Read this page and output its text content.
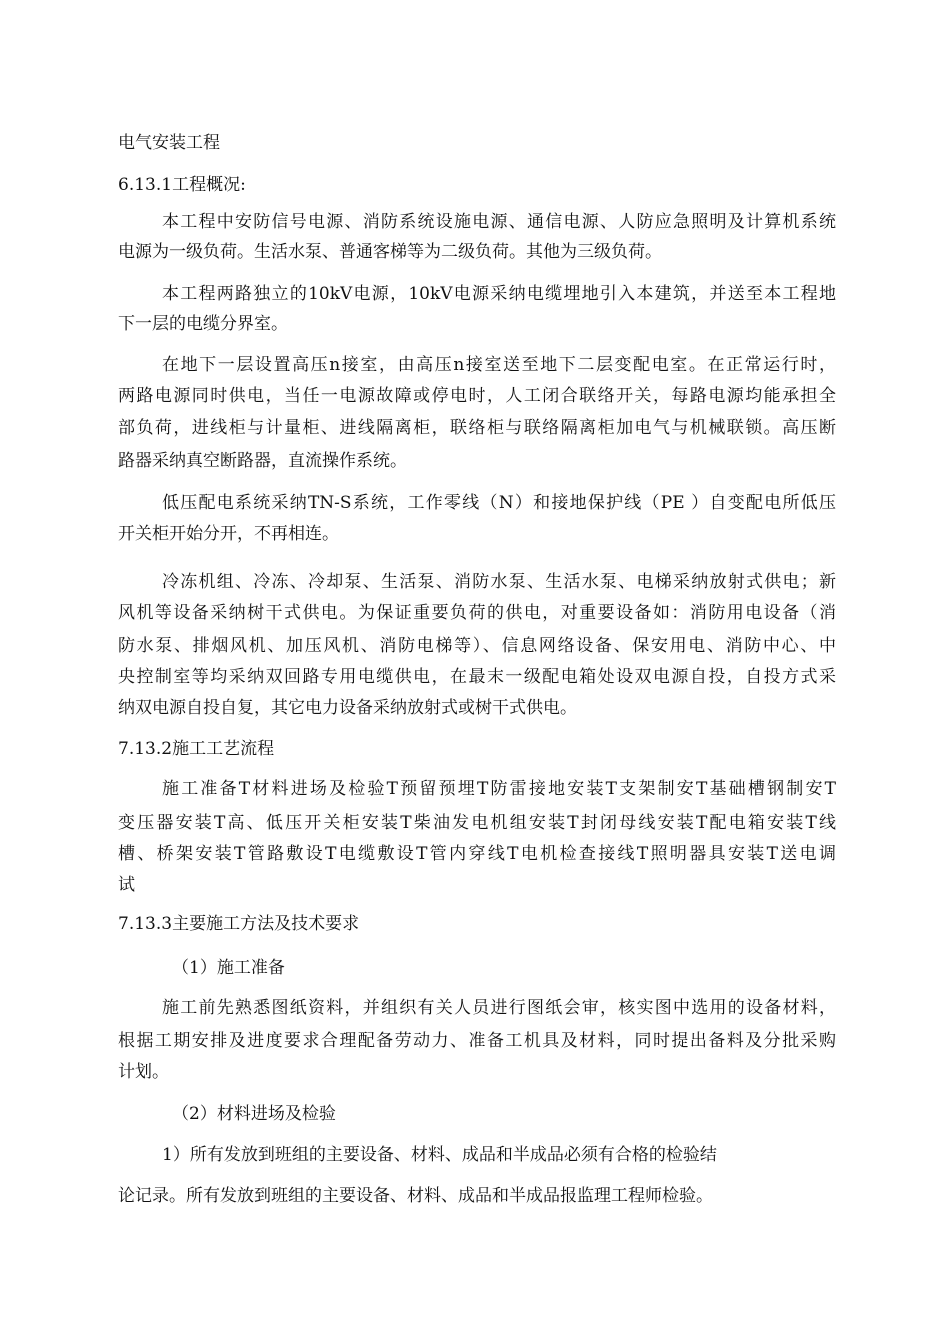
电气安装工程

6.13.1工程概况:

本工程中安防信号电源、消防系统设施电源、通信电源、人防应急照明及计算机系统

电源为一级负荷。生活水泵、普通客梯等为二级负荷。其他为三级负荷。

本工程两路独立的10kV电源，10kV电源采纳电缆埋地引入本建筑，并送至本工程地

下一层的电缆分界室。

在地下一层设置高压n接室，由高压n接室送至地下二层变配电室。在正常运行时，

两路电源同时供电，当任一电源故障或停电时，人工闭合联络开关，每路电源均能承担全

部负荷，进线柜与计量柜、进线隔离柜，联络柜与联络隔离柜加电气与机械联锁。高压断

路器采纳真空断路器，直流操作系统。

低压配电系统采纳TN-S系统，工作零线（N）和接地保护线（PE ）自变配电所低压

开关柜开始分开，不再相连。

冷冻机组、冷冻、冷却泵、生活泵、消防水泵、生活水泵、电梯采纳放射式供电；新

风机等设备采纳树干式供电。为保证重要负荷的供电，对重要设备如：消防用电设备（消

防水泵、排烟风机、加压风机、消防电梯等）、信息网络设备、保安用电、消防中心、中

央控制室等均采纳双回路专用电缆供电，在最末一级配电箱处设双电源自投，自投方式采

纳双电源自投自复，其它电力设备采纳放射式或树干式供电。

7.13.2施工工艺流程

施工准备T材料进场及检验T预留预埋T防雷接地安装T支架制安T基础槽钢制安T

变压器安装T高、低压开关柜安装T柴油发电机组安装T封闭母线安装T配电箱安装T线

槽、桥架安装T管路敷设T电缆敷设T管内穿线T电机检查接线T照明器具安装T送电调

试

7.13.3主要施工方法及技术要求

（1）施工准备

施工前先熟悉图纸资料，并组织有关人员进行图纸会审，核实图中选用的设备材料，

根据工期安排及进度要求合理配备劳动力、准备工机具及材料，同时提出备料及分批采购

计划。

（2）材料进场及检验

1）所有发放到班组的主要设备、材料、成品和半成品必须有合格的检验结

论记录。所有发放到班组的主要设备、材料、成品和半成品报监理工程师检验。
